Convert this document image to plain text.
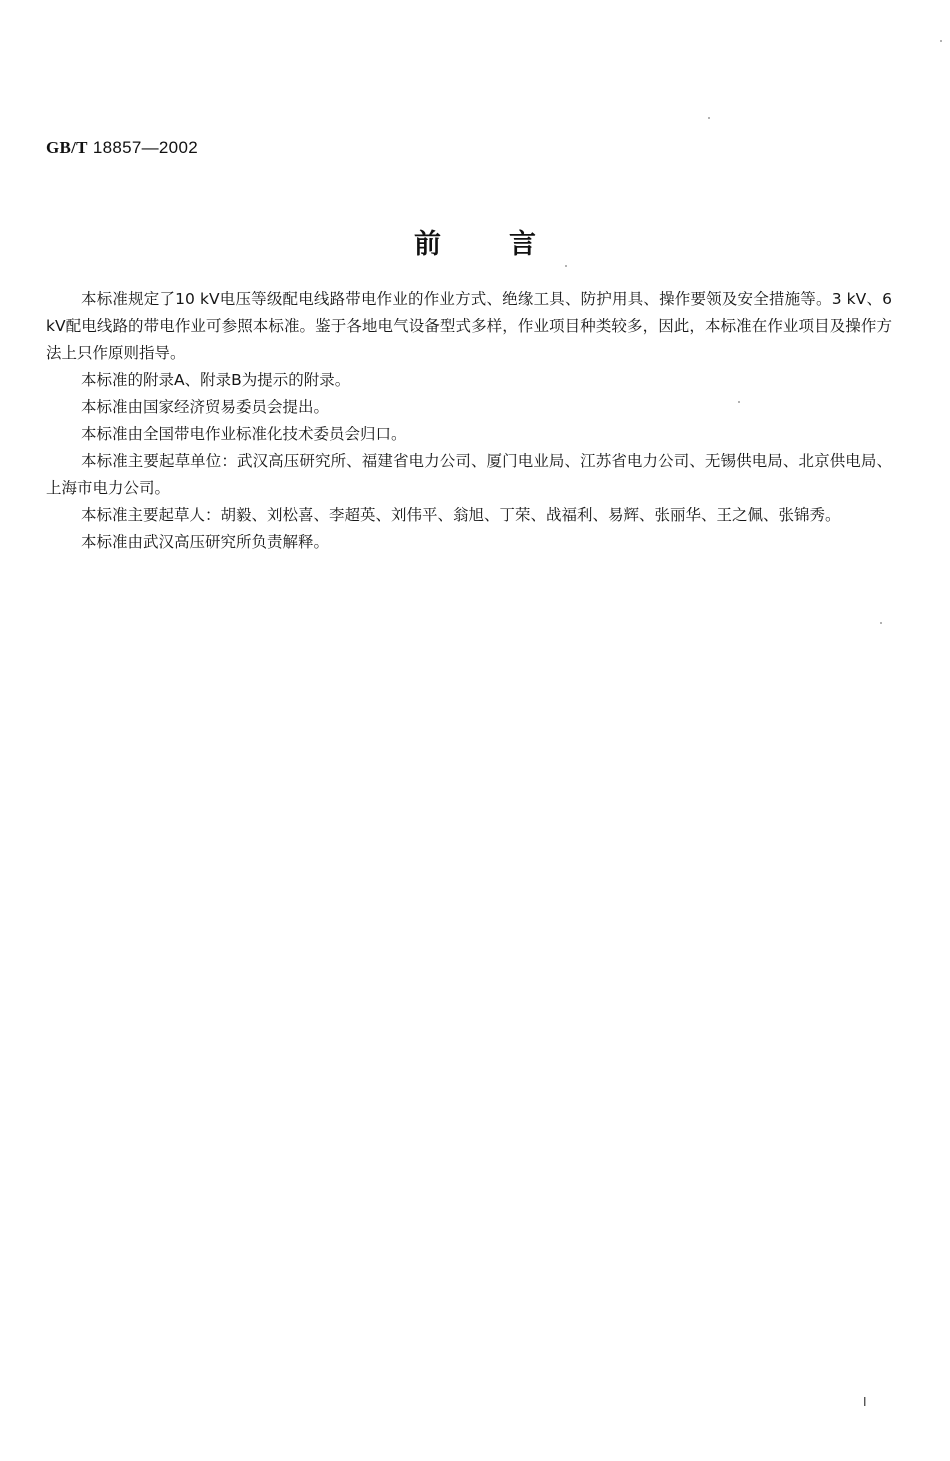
GB/T 18857—2002
前言

本标准规定了10 kV电压等级配电线路带电作业的作业方式、绝缘工具、防护用具、操作要领及安全措施等。3 kV、6 kV配电线路的带电作业可参照本标准。鉴于各地电气设备型式多样，作业项目种类较多，因此，本标准在作业项目及操作方法上只作原则指导。

本标准的附录A、附录B为提示的附录。

本标准由国家经济贸易委员会提出。

本标准由全国带电作业标准化技术委员会归口。

本标准主要起草单位：武汉高压研究所、福建省电力公司、厦门电业局、江苏省电力公司、无锡供电局、北京供电局、上海市电力公司。

本标准主要起草人：胡毅、刘松喜、李超英、刘伟平、翁旭、丁荣、战福利、易辉、张丽华、王之佩、张锦秀。

本标准由武汉高压研究所负责解释。

Ⅰ
